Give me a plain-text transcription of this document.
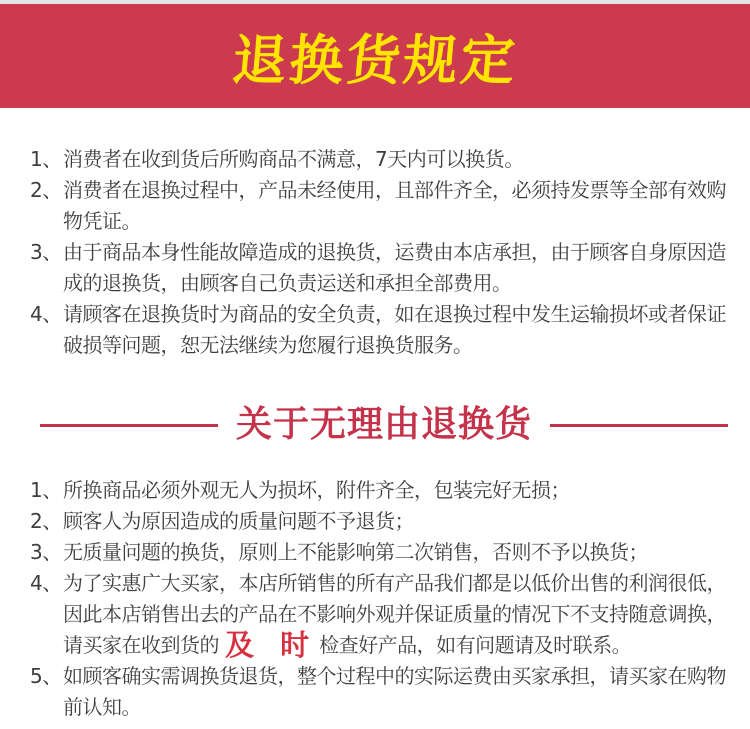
退换货规定
1、 消费者在收到货后所购商品不满意，7天内可以换货。
2、 消费者在退换过程中，产品未经使用，且部件齐全，必须持发票等全部有效购物凭证。
3、 由于商品本身性能故障造成的退换货，运费由本店承担，由于顾客自身原因造成的退换货，由顾客自己负责运送和承担全部费用。
4、 请顾客在退换货时为商品的安全负责，如在退换过程中发生运输损坏或者保证破损等问题，恕无法继续为您履行退换货服务。
关于无理由退换货
1、 所换商品必须外观无人为损坏，附件齐全，包装完好无损；
2、 顾客人为原因造成的质量问题不予退货；
3、 无质量问题的换货，原则上不能影响第二次销售，否则不予以换货；
4、 为了实惠广大买家，本店所销售的所有产品我们都是以低价出售的利润很低，因此本店销售出去的产品在不影响外观并保证质量的情况下不支持随意调换，请买家在收到货的 及 时 检查好产品，如有问题请及时联系。
5、 如顾客确实需调换货退货，整个过程中的实际运费由买家承担，请买家在购物前认知。
